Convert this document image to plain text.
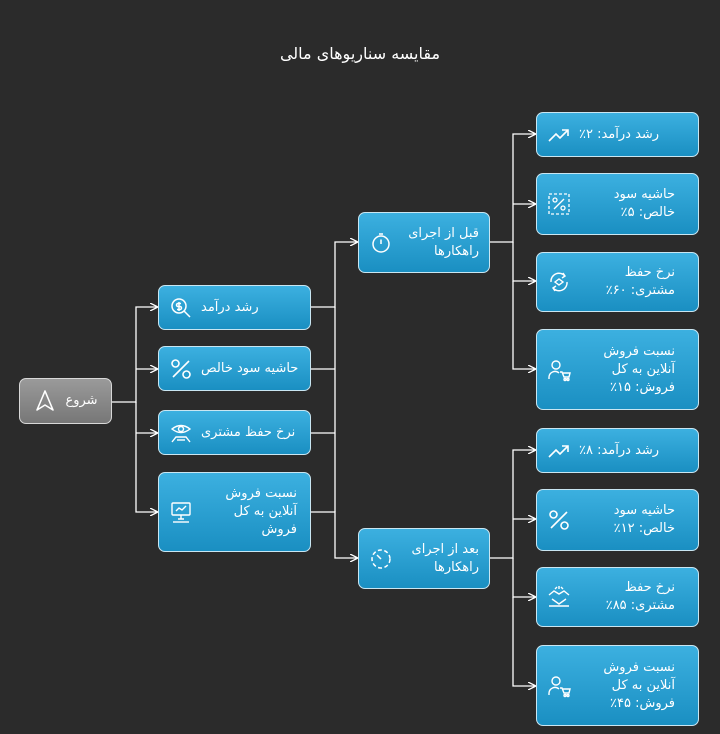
مقایسه سناریوهای مالی
شروع
رشد درآمد
حاشیه سود خالص
نرخ حفظ مشتری
نسبت فروش آنلاین به کل فروش
قبل از اجرای راهکارها
بعد از اجرای راهکارها
رشد درآمد: ۲٪
حاشیه سود خالص: ۵٪
نرخ حفظ مشتری: ۶۰٪
نسبت فروش آنلاین به کل فروش: ۱۵٪
رشد درآمد: ۸٪
حاشیه سود خالص: ۱۲٪
نرخ حفظ مشتری: ۸۵٪
نسبت فروش آنلاین به کل فروش: ۴۵٪
